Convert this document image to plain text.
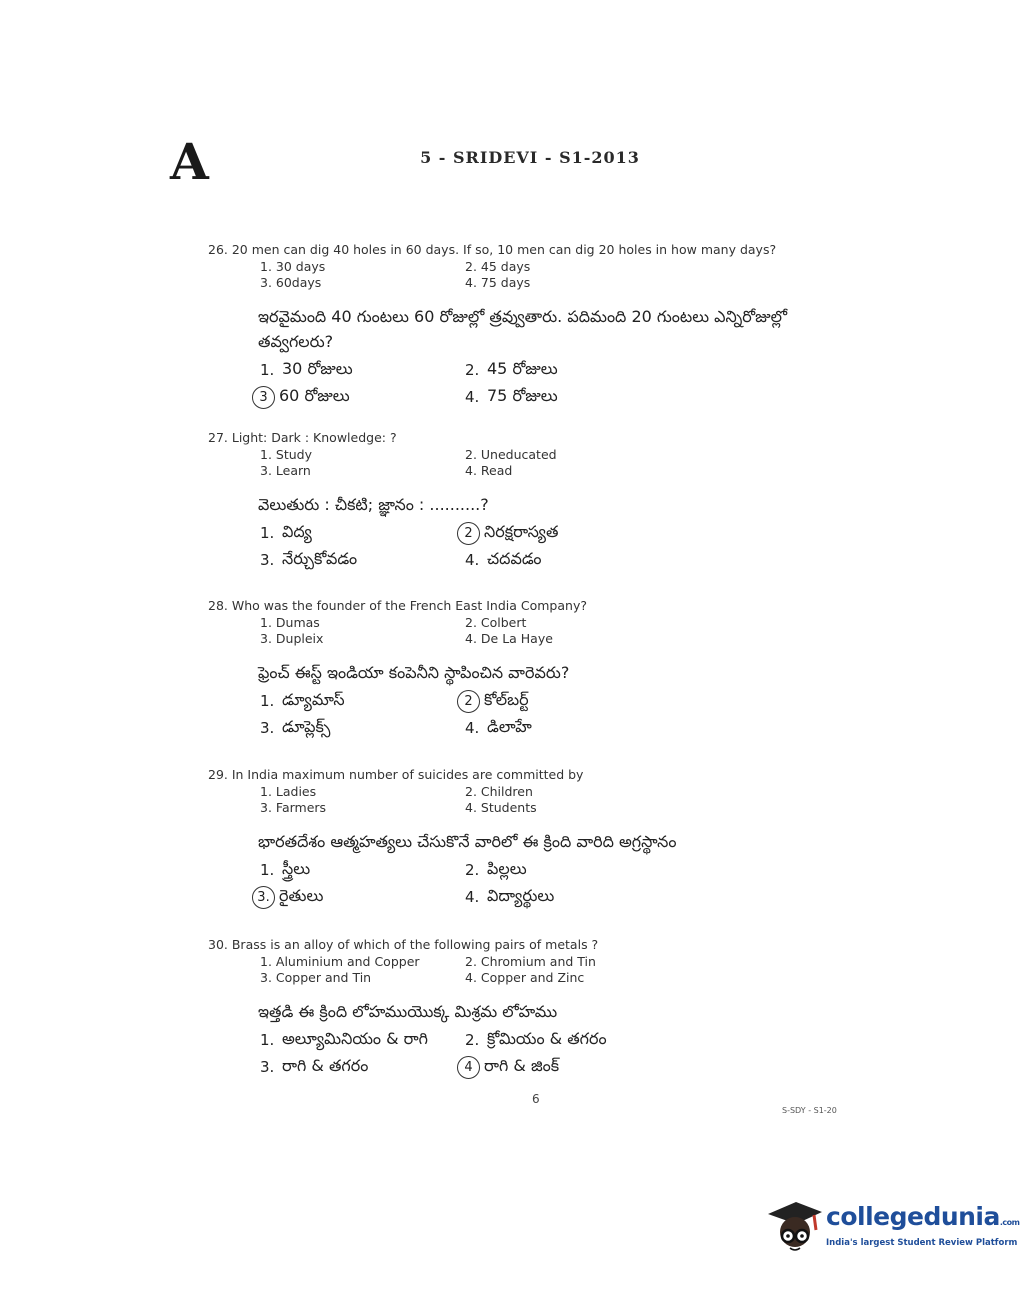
A	5 - SRIDEVI - S1-2013
26. 20 men can dig 40 holes in 60 days. If so, 10 men can dig 20 holes in how many days?
1. 30 days	2. 45 days
3. 60days	4. 75 days
ఇరవైమంది 40 గుంటలు 60 రోజుల్లో త్రవ్వుతారు. పదిమంది 20 గుంటలు ఎన్నిరోజుల్లో తవ్వగలరు?
1. 30 రోజులు	2. 45 రోజులు
3 60 రోజులు	4. 75 రోజులు
27. Light: Dark : Knowledge: ?
1. Study	2. Uneducated
3. Learn	4. Read
వెలుతురు : చీకటి; జ్ఞానం : ..........?
1. విద్య	2 నిరక్షరాస్యత
3. నేర్చుకోవడం	4. చదవడం
28. Who was the founder of the French East India Company?
1. Dumas	2. Colbert
3. Dupleix	4. De La Haye
ఫ్రెంచ్ ఈస్ట్ ఇండియా కంపెనీని స్థాపించిన వారెవరు?
1. డ్యూమాస్	2 కోల్‌బర్ట్
3. డూప్లెక్స్	4. డిలాహే
29. In India maximum number of suicides are committed by
1. Ladies	2. Children
3. Farmers	4. Students
భారతదేశం ఆత్మహత్యలు చేసుకొనే వారిలో ఈ క్రింది వారిది అగ్రస్థానం
1. స్త్రీలు	2. పిల్లలు
3. రైతులు	4. విద్యార్థులు
30. Brass is an alloy of which of the following pairs of metals ?
1. Aluminium and Copper	2. Chromium and Tin
3. Copper and Tin	4. Copper and Zinc
ఇత్తడి ఈ క్రింది లోహముయొక్క మిశ్రమ లోహము
1. అల్యూమినియం & రాగి 2. క్రోమియం & తగరం
3. రాగి & తగరం	4 రాగి & జింక్
6
S-SDY - S1-20
collegedunia.com
India's largest Student Review Platform
